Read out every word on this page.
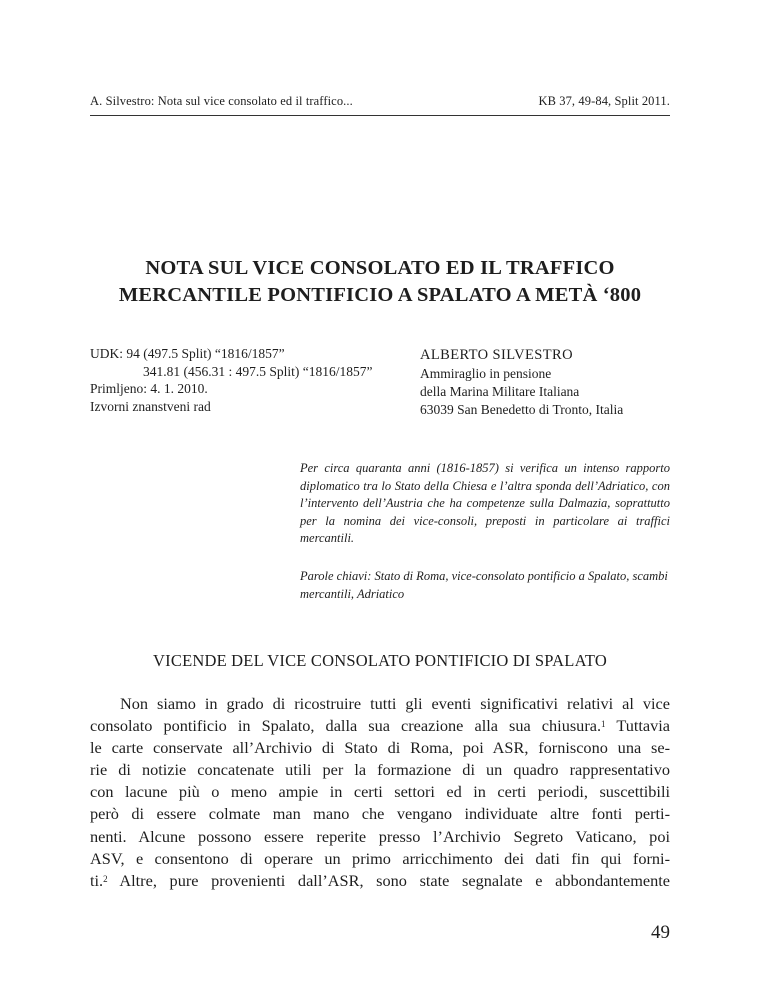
A. Silvestro: Nota sul vice consolato ed il traffico...	KB 37, 49-84, Split 2011.
NOTA SUL VICE CONSOLATO ED IL TRAFFICO
MERCANTILE PONTIFICIO A SPALATO A METÀ ‘800
UDK: 94 (497.5 Split) “1816/1857”
341.81 (456.31 : 497.5 Split) “1816/1857”
Primljeno: 4. 1. 2010.
Izvorni znanstveni rad
ALBERTO SILVESTRO
Ammiraglio in pensione
della Marina Militare Italiana
63039 San Benedetto di Tronto, Italia
Per circa quaranta anni (1816-1857) si verifica un intenso rapporto diplomatico tra lo Stato della Chiesa e l’altra sponda dell’Adriatico, con l’intervento dell’Austria che ha competenze sulla Dalmazia, soprattutto per la nomina dei vice-consoli, preposti in particolare ai traffici mercantili.
Parole chiavi: Stato di Roma, vice-consolato pontificio a Spalato, scambi mercantili, Adriatico
VICENDE DEL VICE CONSOLATO PONTIFICIO DI SPALATO
Non siamo in grado di ricostruire tutti gli eventi significativi relativi al vice
consolato pontificio in Spalato, dalla sua creazione alla sua chiusura.$^1$ Tuttavia
le carte conservate all’Archivio di Stato di Roma, poi ASR, forniscono una se-
rie di notizie concatenate utili per la formazione di un quadro rappresentativo
con lacune più o meno ampie in certi settori ed in certi periodi, suscettibili
però di essere colmate man mano che vengano individuate altre fonti perti-
nenti. Alcune possono essere reperite presso l’Archivio Segreto Vaticano, poi
ASV, e consentono di operare un primo arricchimento dei dati fin qui forni-
ti.$^2$ Altre, pure provenienti dall’ASR, sono state segnalate e abbondantemente
49
